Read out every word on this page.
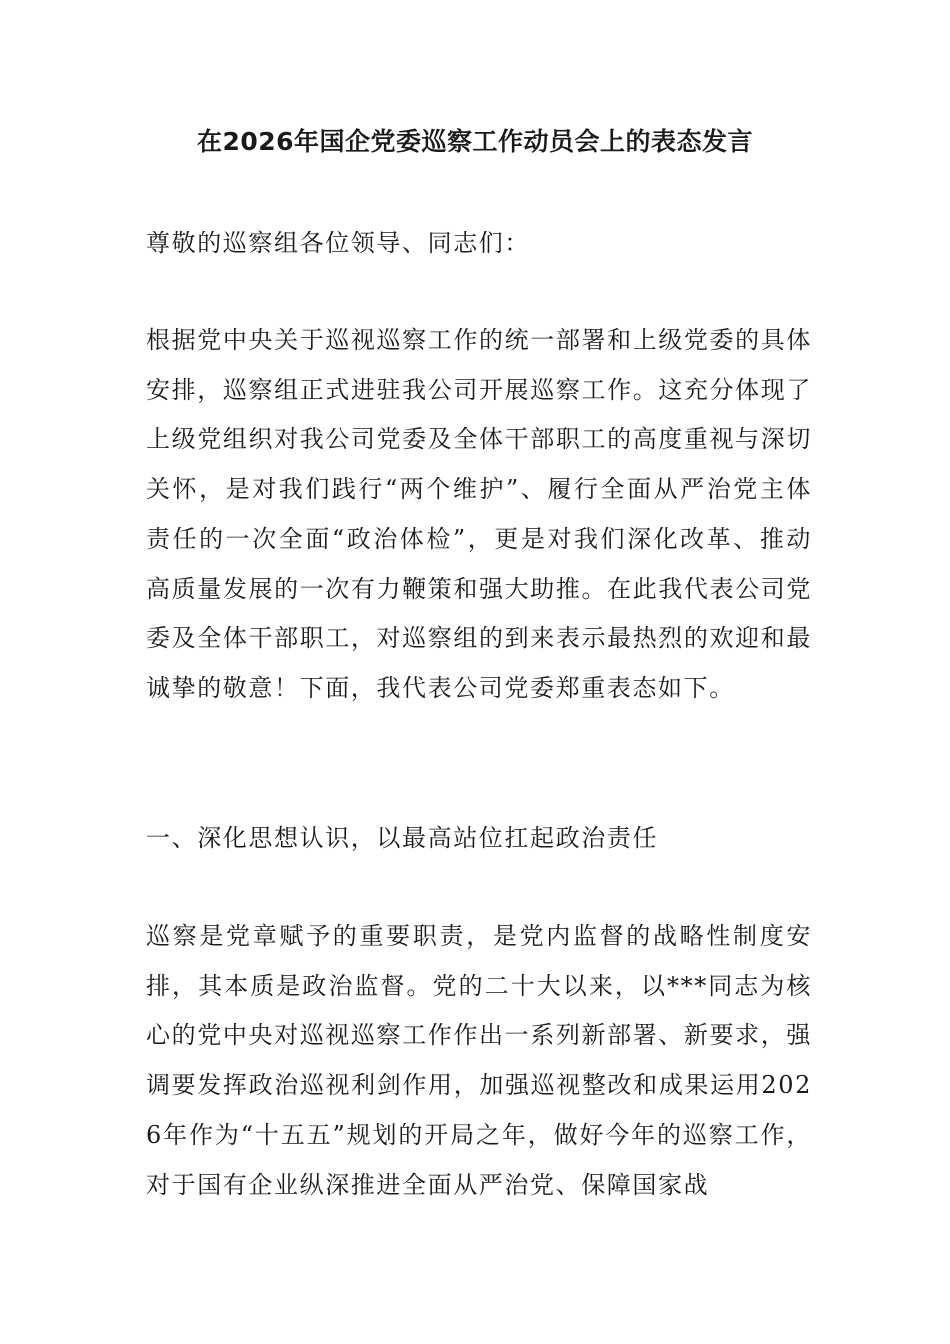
在2026年国企党委巡察工作动员会上的表态发言

尊敬的巡察组各位领导、同志们：

根据党中央关于巡视巡察工作的统一部署和上级党委的具体安排，巡察组正式进驻我公司开展巡察工作。这充分体现了上级党组织对我公司党委及全体干部职工的高度重视与深切关怀，是对我们践行“两个维护”、履行全面从严治党主体责任的一次全面“政治体检”，更是对我们深化改革、推动高质量发展的一次有力鞭策和强大助推。在此我代表公司党委及全体干部职工，对巡察组的到来表示最热烈的欢迎和最诚挚的敬意！下面，我代表公司党委郑重表态如下。

一、深化思想认识，以最高站位扛起政治责任

巡察是党章赋予的重要职责，是党内监督的战略性制度安排，其本质是政治监督。党的二十大以来，以***同志为核心的党中央对巡视巡察工作作出一系列新部署、新要求，强调要发挥政治巡视利剑作用，加强巡视整改和成果运用2026年作为“十五五”规划的开局之年，做好今年的巡察工作，对于国有企业纵深推进全面从严治党、保障国家战
